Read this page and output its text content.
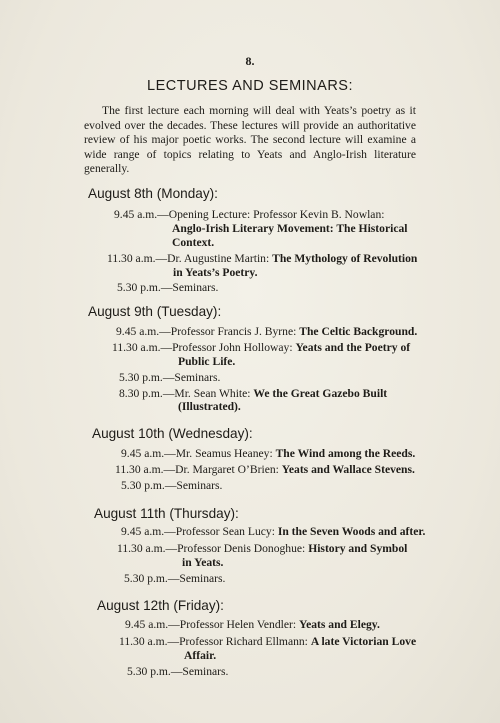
8.
LECTURES AND SEMINARS:

The first lecture each morning will deal with Yeats’s poetry as it evolved over the decades. These lectures will provide an authoritative review of his major poetic works. The second lecture will examine a wide range of topics relating to Yeats and Anglo-Irish literature generally.

August 8th (Monday):
9.45 a.m.—Opening Lecture: Professor Kevin B. Nowlan:
Anglo-Irish Literary Movement: The Historical
Context.
11.30 a.m.—Dr. Augustine Martin: The Mythology of Revolution
in Yeats’s Poetry.
5.30 p.m.—Seminars.
August 9th (Tuesday):
9.45 a.m.—Professor Francis J. Byrne: The Celtic Background.
11.30 a.m.—Professor John Holloway: Yeats and the Poetry of
Public Life.
5.30 p.m.—Seminars.
8.30 p.m.—Mr. Sean White: We the Great Gazebo Built
(Illustrated).
August 10th (Wednesday):
9.45 a.m.—Mr. Seamus Heaney: The Wind among the Reeds.
11.30 a.m.—Dr. Margaret O’Brien: Yeats and Wallace Stevens.
5.30 p.m.—Seminars.
August 11th (Thursday):
9.45 a.m.—Professor Sean Lucy: In the Seven Woods and after.
11.30 a.m.—Professor Denis Donoghue: History and Symbol
in Yeats.
5.30 p.m.—Seminars.
August 12th (Friday):
9.45 a.m.—Professor Helen Vendler: Yeats and Elegy.
11.30 a.m.—Professor Richard Ellmann: A late Victorian Love
Affair.
5.30 p.m.—Seminars.
